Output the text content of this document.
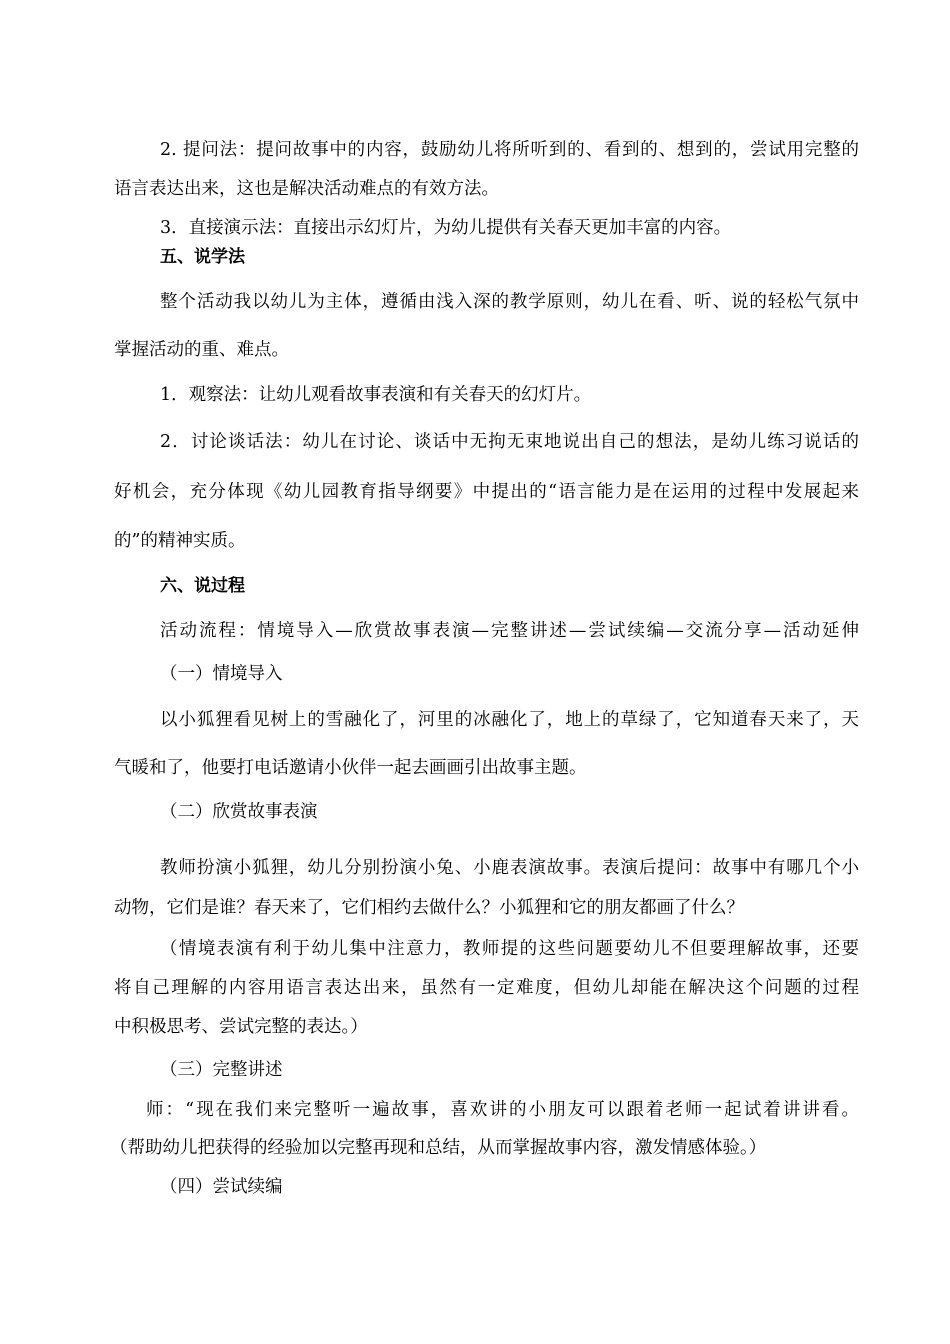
2. 提问法：提问故事中的内容，鼓励幼儿将所听到的、看到的、想到的，尝试用完整的

语言表达出来，这也是解决活动难点的有效方法。

3．直接演示法：直接出示幻灯片，为幼儿提供有关春天更加丰富的内容。

五、说学法

整个活动我以幼儿为主体，遵循由浅入深的教学原则，幼儿在看、听、说的轻松气氛中

掌握活动的重、难点。

1．观察法：让幼儿观看故事表演和有关春天的幻灯片。

2．讨论谈话法：幼儿在讨论、谈话中无拘无束地说出自己的想法，是幼儿练习说话的

好机会，充分体现《幼儿园教育指导纲要》中提出的“语言能力是在运用的过程中发展起来

的”的精神实质。

六、说过程

活动流程：情境导入—欣赏故事表演—完整讲述—尝试续编—交流分享—活动延伸

（一）情境导入

以小狐狸看见树上的雪融化了，河里的冰融化了，地上的草绿了，它知道春天来了，天

气暖和了，他要打电话邀请小伙伴一起去画画引出故事主题。

（二）欣赏故事表演

教师扮演小狐狸，幼儿分别扮演小兔、小鹿表演故事。表演后提问：故事中有哪几个小

动物，它们是谁？春天来了，它们相约去做什么？小狐狸和它的朋友都画了什么？

（情境表演有利于幼儿集中注意力，教师提的这些问题要幼儿不但要理解故事，还要

将自己理解的内容用语言表达出来，虽然有一定难度，但幼儿却能在解决这个问题的过程

中积极思考、尝试完整的表达。）

（三）完整讲述

师：“现在我们来完整听一遍故事，喜欢讲的小朋友可以跟着老师一起试着讲讲看。

（帮助幼儿把获得的经验加以完整再现和总结，从而掌握故事内容，激发情感体验。）

（四）尝试续编
